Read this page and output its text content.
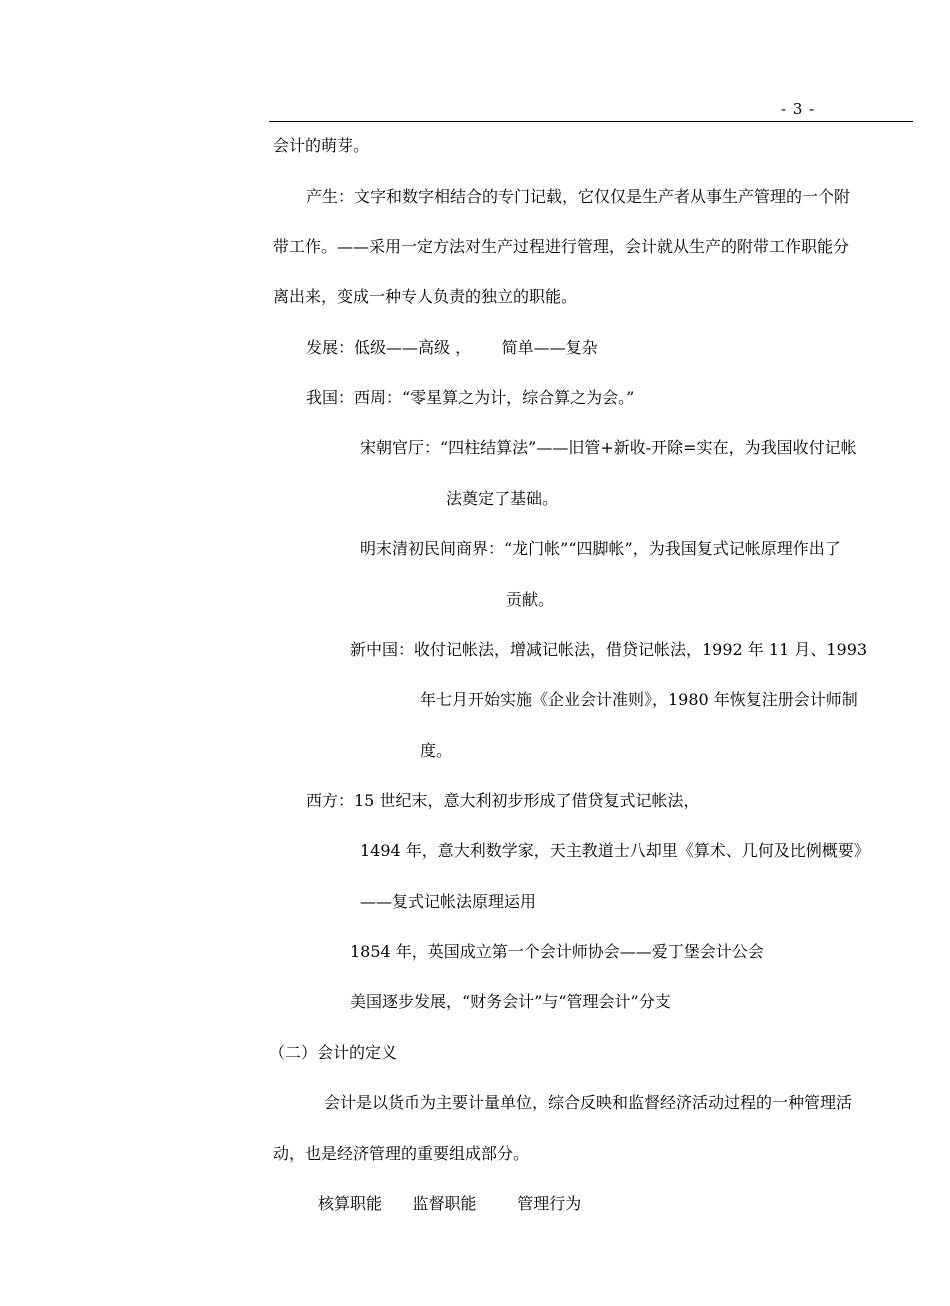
- 3 -
会计的萌芽。
产生：文字和数字相结合的专门记载，它仅仅是生产者从事生产管理的一个附
带工作。——采用一定方法对生产过程进行管理，会计就从生产的附带工作职能分
离出来，变成一种专人负责的独立的职能。
发展：低级——高级 ，      简单——复杂
我国：西周：“零星算之为计，综合算之为会。”
宋朝官厅：“四柱结算法”——旧管+新收-开除=实在，为我国收付记帐
法奠定了基础。
明末清初民间商界：“龙门帐”“四脚帐”，为我国复式记帐原理作出了
贡献。
新中国：收付记帐法，增减记帐法，借贷记帐法，1992 年 11 月、1993
年七月开始实施《企业会计准则》，1980 年恢复注册会计师制
度。
西方：15 世纪末，意大利初步形成了借贷复式记帐法，
1494 年，意大利数学家，天主教道士八却里《算术、几何及比例概要》
——复式记帐法原理运用
1854 年，英国成立第一个会计师协会——爱丁堡会计公会
美国逐步发展，“财务会计”与“管理会计”分支
（二）会计的定义
会计是以货币为主要计量单位，综合反映和监督经济活动过程的一种管理活
动，也是经济管理的重要组成部分。
核算职能      监督职能        管理行为
